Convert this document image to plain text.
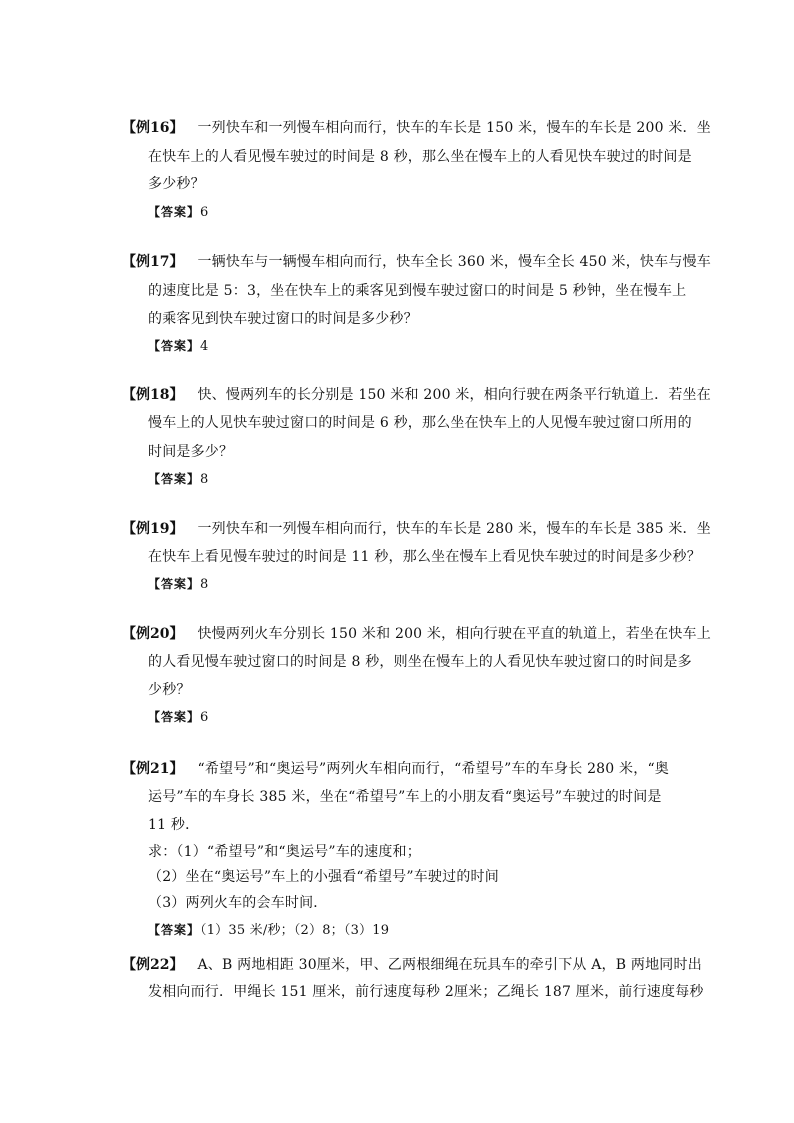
【例16】 一列快车和一列慢车相向而行，快车的车长是 150 米，慢车的车长是 200 米．坐
在快车上的人看见慢车驶过的时间是 8 秒，那么坐在慢车上的人看见快车驶过的时间是
多少秒？
【答案】6
【例17】 一辆快车与一辆慢车相向而行，快车全长 360 米，慢车全长 450 米，快车与慢车
的速度比是 5：3，坐在快车上的乘客见到慢车驶过窗口的时间是 5 秒钟，坐在慢车上
的乘客见到快车驶过窗口的时间是多少秒？
【答案】4
【例18】 快、慢两列车的长分别是 150 米和 200 米，相向行驶在两条平行轨道上．若坐在
慢车上的人见快车驶过窗口的时间是 6 秒，那么坐在快车上的人见慢车驶过窗口所用的
时间是多少？
【答案】8
【例19】 一列快车和一列慢车相向而行，快车的车长是 280 米，慢车的车长是 385 米．坐
在快车上看见慢车驶过的时间是 11 秒，那么坐在慢车上看见快车驶过的时间是多少秒？
【答案】8
【例20】 快慢两列火车分别长 150 米和 200 米，相向行驶在平直的轨道上，若坐在快车上
的人看见慢车驶过窗口的时间是 8 秒，则坐在慢车上的人看见快车驶过窗口的时间是多
少秒？
【答案】6
【例21】 “希望号”和“奥运号”两列火车相向而行，“希望号”车的车身长 280 米，“奥
运号”车的车身长 385 米，坐在“希望号”车上的小朋友看“奥运号”车驶过的时间是
11 秒．
求：（1）“希望号”和“奥运号”车的速度和；
（2）坐在“奥运号”车上的小强看“希望号”车驶过的时间
（3）两列火车的会车时间．
【答案】（1）35 米/秒；（2）8；（3）19
【例22】 A、B 两地相距 30厘米，甲、乙两根细绳在玩具车的牵引下从 A，B 两地同时出
发相向而行．甲绳长 151 厘米，前行速度每秒 2厘米；乙绳长 187 厘米，前行速度每秒
